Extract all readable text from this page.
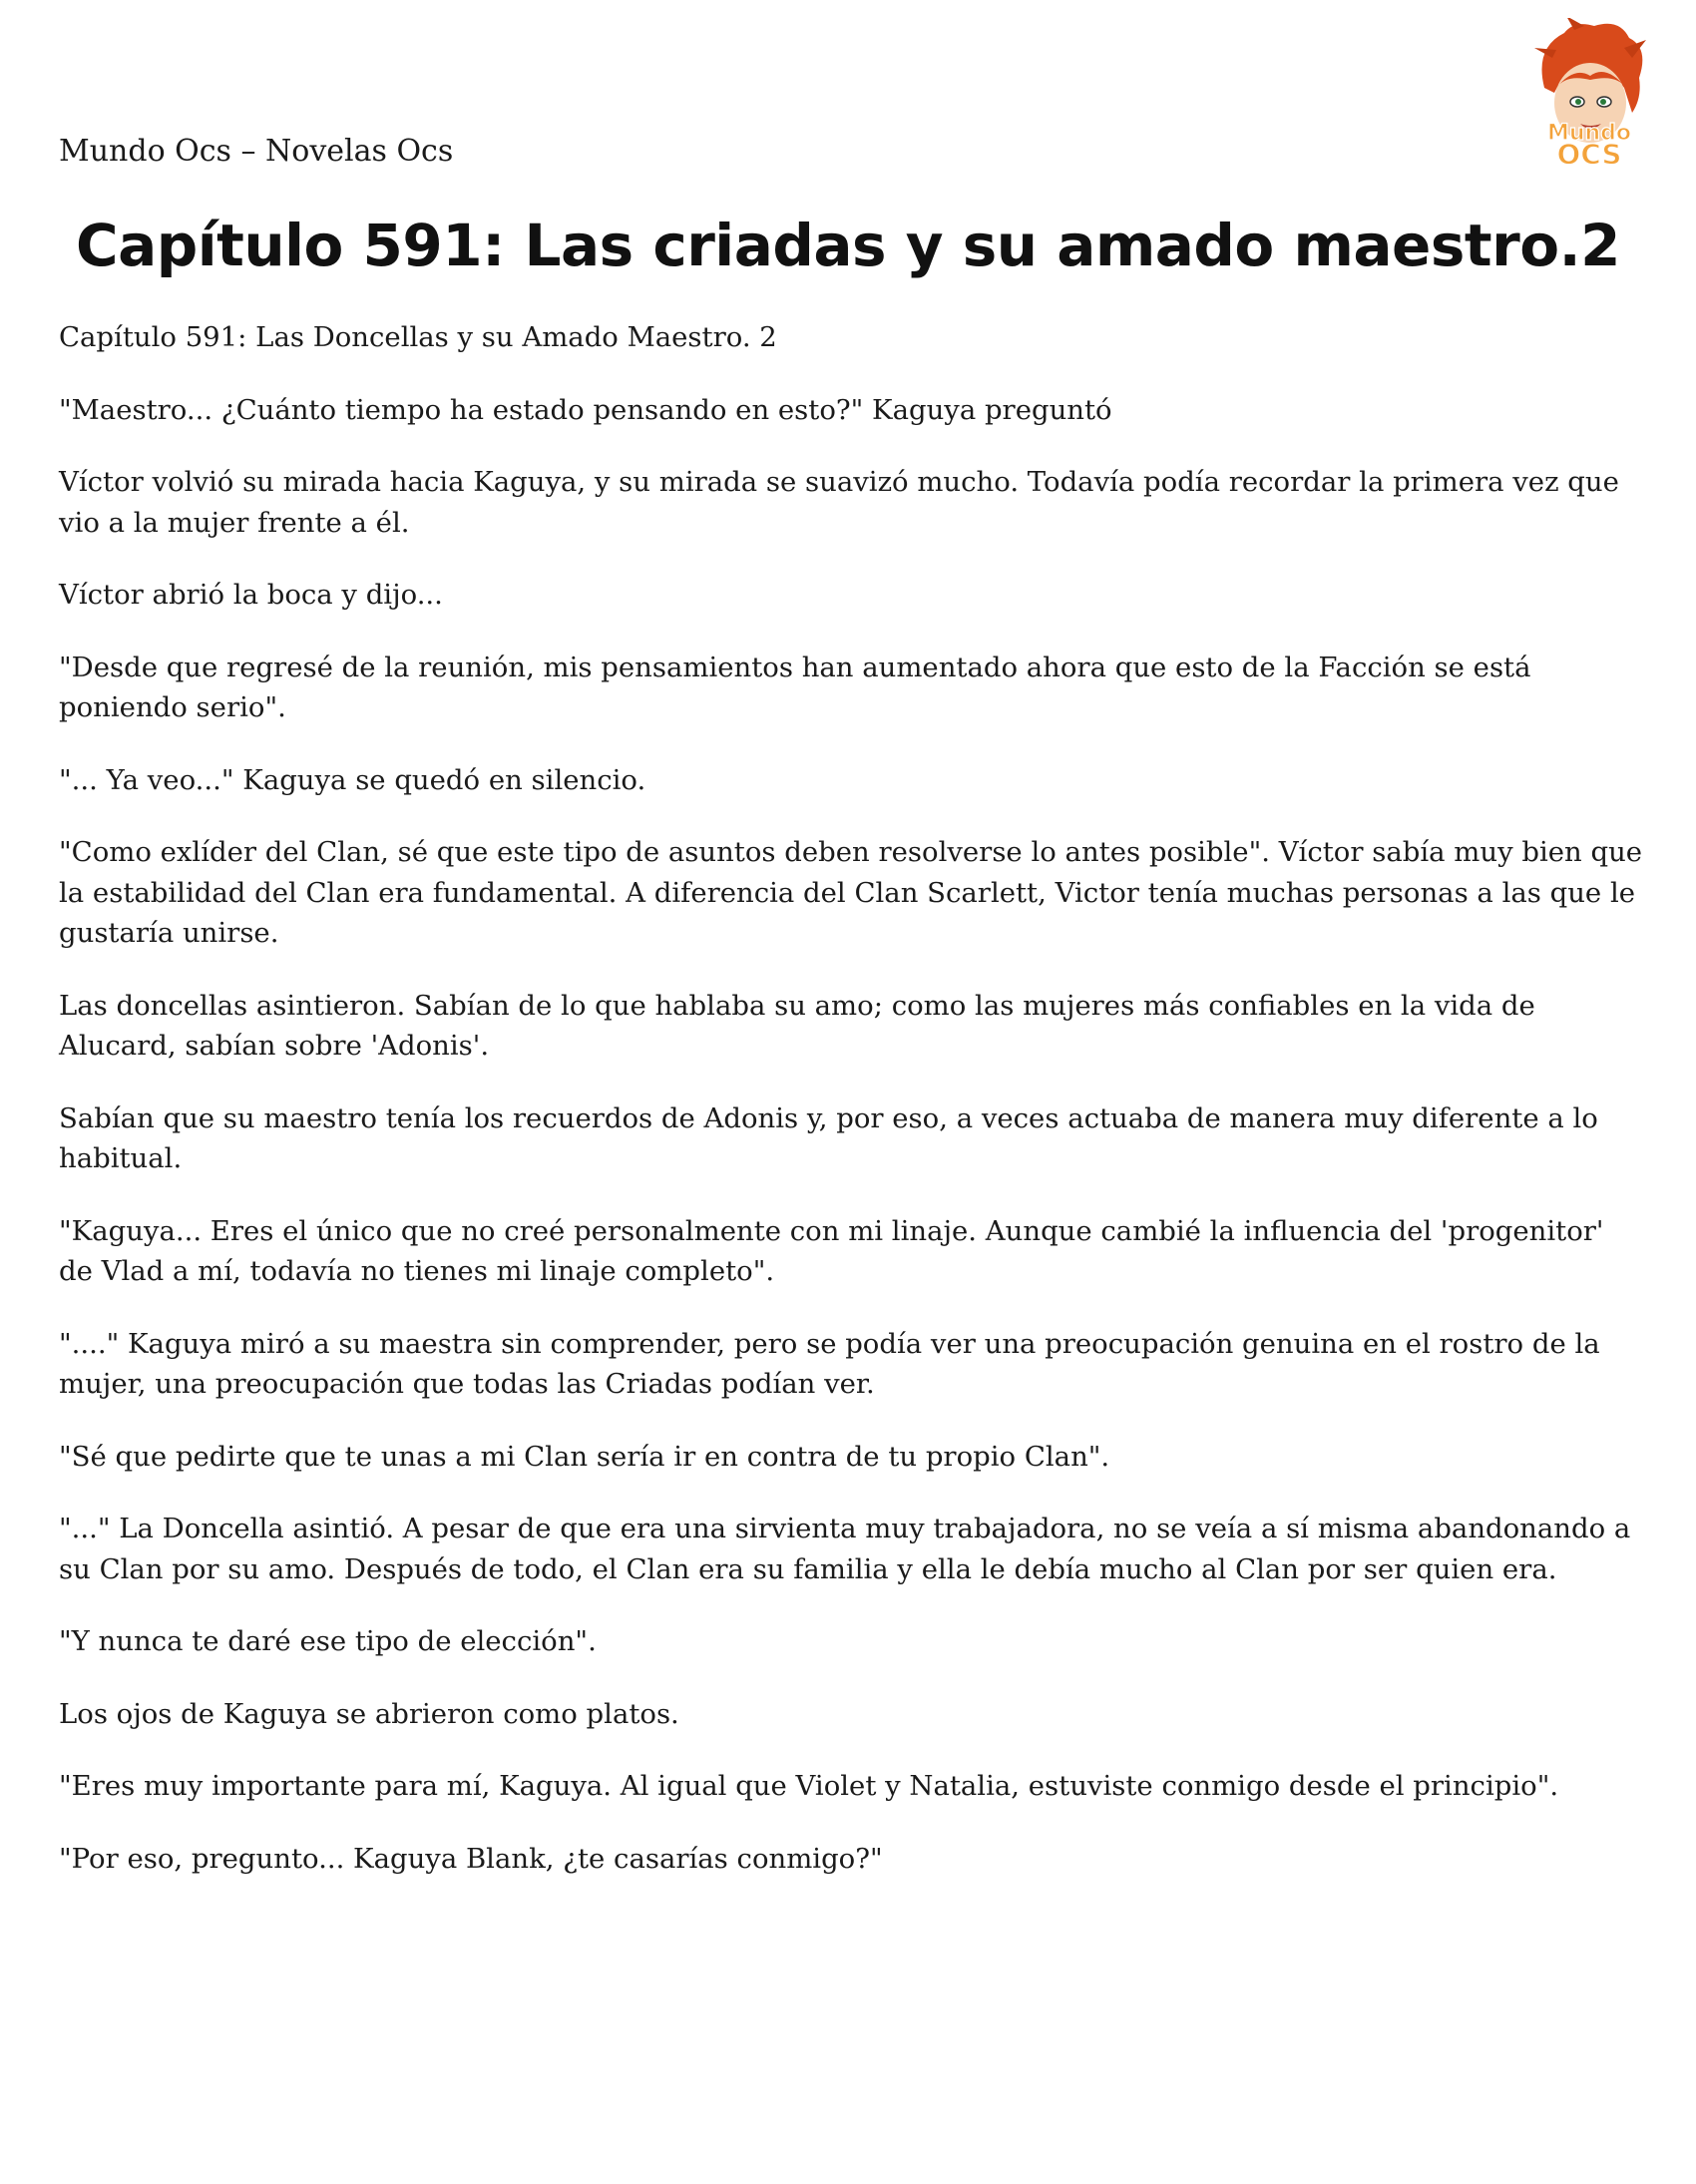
Mundo Ocs – Novelas Ocs
Mundo
OCS
Capítulo 591: Las criadas y su amado maestro.2

Capítulo 591: Las Doncellas y su Amado Maestro. 2

"Maestro... ¿Cuánto tiempo ha estado pensando en esto?" Kaguya preguntó

Víctor volvió su mirada hacia Kaguya, y su mirada se suavizó mucho. Todavía podía recordar la primera vez que vio a la mujer frente a él.

Víctor abrió la boca y dijo...

"Desde que regresé de la reunión, mis pensamientos han aumentado ahora que esto de la Facción se está poniendo serio".

"... Ya veo..." Kaguya se quedó en silencio.

"Como exlíder del Clan, sé que este tipo de asuntos deben resolverse lo antes posible". Víctor sabía muy bien que la estabilidad del Clan era fundamental. A diferencia del Clan Scarlett, Victor tenía muchas personas a las que le gustaría unirse.

Las doncellas asintieron. Sabían de lo que hablaba su amo; como las mujeres más confiables en la vida de Alucard, sabían sobre 'Adonis'.

Sabían que su maestro tenía los recuerdos de Adonis y, por eso, a veces actuaba de manera muy diferente a lo habitual.

"Kaguya... Eres el único que no creé personalmente con mi linaje. Aunque cambié la influencia del 'progenitor' de Vlad a mí, todavía no tienes mi linaje completo".

"...." Kaguya miró a su maestra sin comprender, pero se podía ver una preocupación genuina en el rostro de la mujer, una preocupación que todas las Criadas podían ver.

"Sé que pedirte que te unas a mi Clan sería ir en contra de tu propio Clan".

"..." La Doncella asintió. A pesar de que era una sirvienta muy trabajadora, no se veía a sí misma abandonando a su Clan por su amo. Después de todo, el Clan era su familia y ella le debía mucho al Clan por ser quien era.

"Y nunca te daré ese tipo de elección".

Los ojos de Kaguya se abrieron como platos.

"Eres muy importante para mí, Kaguya. Al igual que Violet y Natalia, estuviste conmigo desde el principio".

"Por eso, pregunto... Kaguya Blank, ¿te casarías conmigo?"
